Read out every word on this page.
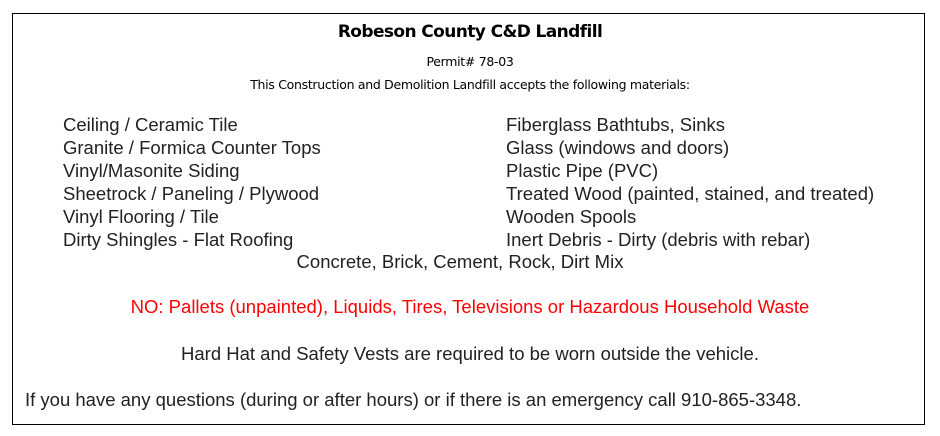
Robeson County C&D Landfill
Permit# 78-03
This Construction and Demolition Landfill accepts the following materials:
Ceiling / Ceramic Tile
Granite / Formica Counter Tops
Vinyl/Masonite Siding
Sheetrock / Paneling / Plywood
Vinyl Flooring / Tile
Dirty Shingles - Flat Roofing
Fiberglass Bathtubs, Sinks
Glass (windows and doors)
Plastic Pipe (PVC)
Treated Wood (painted, stained, and treated)
Wooden Spools
Inert Debris - Dirty (debris with rebar)
Concrete, Brick, Cement, Rock, Dirt Mix
NO: Pallets (unpainted), Liquids, Tires, Televisions or Hazardous Household Waste
Hard Hat and Safety Vests are required to be worn outside the vehicle.
If you have any questions (during or after hours) or if there is an emergency call 910-865-3348.
